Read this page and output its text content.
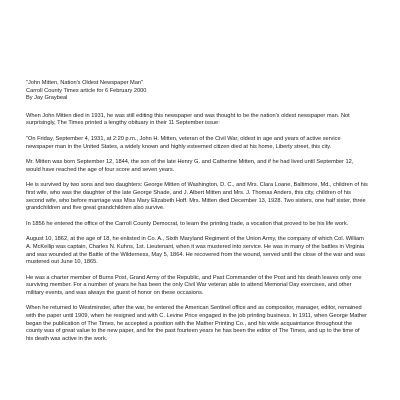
"John Mitten, Nation's Oldest Newspaper Man"
Carroll County Times article for 6 February 2000
By Jay Graybeal

When John Mitten died in 1931, he was still editing this newspaper and was thought to be the nation's oldest newspaper man. Not surprisingly, The Times printed a lengthy obituary in their 11 September issue:

"On Friday, September 4, 1931, at 2:20 p.m., John H. Mitten, veteran of the Civil War, oldest in age and years of active service newspaper man in the United States, a widely known and highly esteemed citizen died at his home, Liberty street, this city.

Mr. Mitten was born September 12, 1844, the son of the late Henry G. and Catherine Mitten, and if he had lived until September 12, would have reached the age of four score and seven years.

He is survived by two sons and two daughters: George Mitten of Washington, D. C., and Mrs. Clara Loane, Baltimore, Md., children of his first wife, who was the daughter of the late George Shade, and J. Albert Mitten and Mrs. J. Thomas Anders, this city, children of his second wife, who before marriage was Miss Mary Elizabeth Hoff. Mrs. Mitten died December 13, 1928. Two sisters, one half sister, three grandchildren and five great grandchildren also survive.

In 1856 he entered the office of the Carroll County Democrat, to learn the printing trade, a vocation that proved to be his life work.

August 10, 1862, at the age of 18, he enlisted in Co. A., Sixth Maryland Regiment of the Union Army, the company of which Col. William A. McKellip was captain, Charles N. Kuhns, 1st. Lieutenant, when it was mustered into service. He was in many of the battles in Virginia and was wounded at the Battle of the Wilderness, May 5, 1864. He recovered from the wound, served until the close of the war and was mustered out June 10, 1865.

He was a charter member of Burns Post, Grand Army of the Republic, and Past Commander of the Post and his death leaves only one surviving member. For a number of years he has been the only Civil War veteran able to attend Memorial Day exercises, and other military events, and was always the guest of honor on these occasions.

When he returned to Westminster, after the war, he entered the American Sentinel office and as compositor, manager, editor, remained with the paper until 1909, when he resigned and with C. Levine Price engaged in the job printing business. In 1911, when George Mather began the publication of The Times, he accepted a position with the Mather Printing Co., and his wide acquaintance throughout the county was of great value to the new paper, and for the past fourteen years he has been the editor of The Times, and up to the time of his death was active in the work.
